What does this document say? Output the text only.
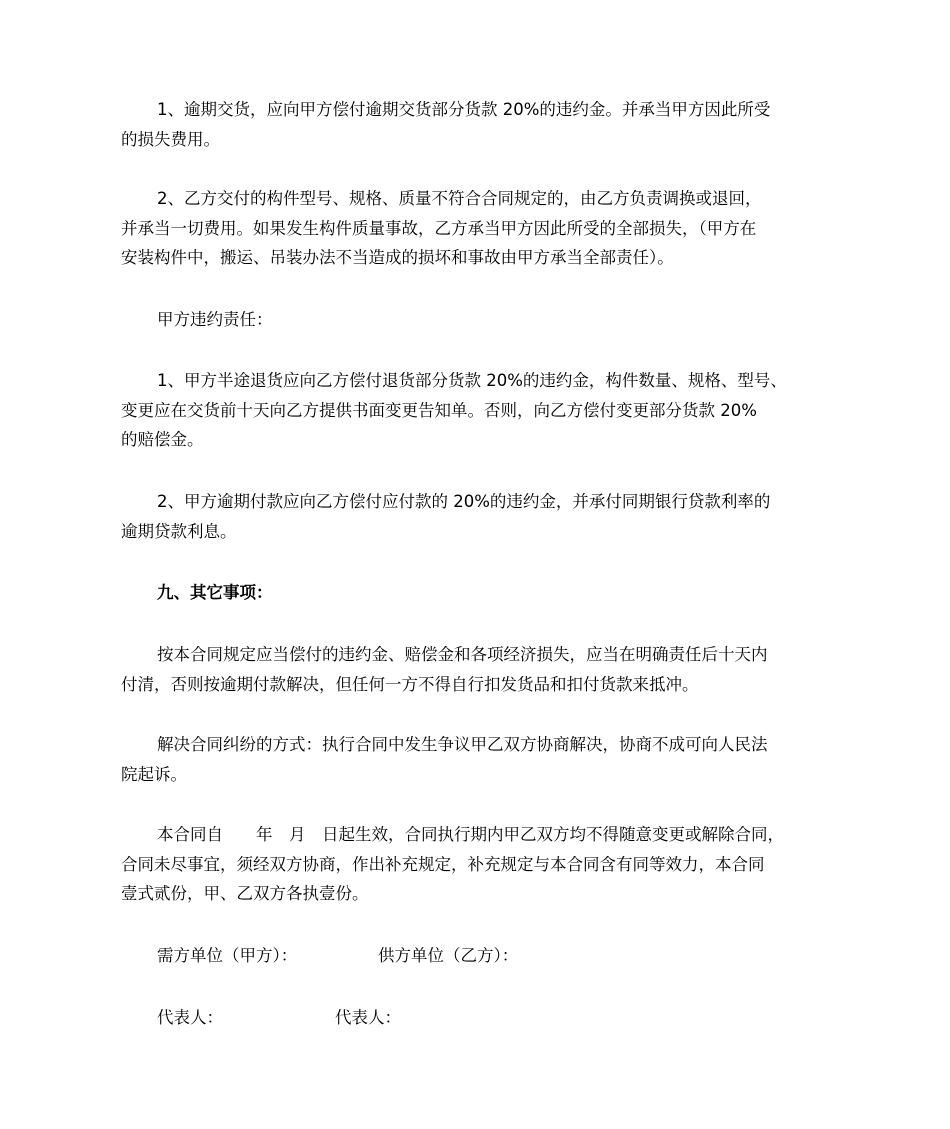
1、逾期交货，应向甲方偿付逾期交货部分货款 20%的违约金。并承当甲方因此所受
的损失费用。

2、乙方交付的构件型号、规格、质量不符合合同规定的，由乙方负责调换或退回，
并承当一切费用。如果发生构件质量事故，乙方承当甲方因此所受的全部损失，（甲方在
安装构件中，搬运、吊装办法不当造成的损坏和事故由甲方承当全部责任）。

甲方违约责任：

1、甲方半途退货应向乙方偿付退货部分货款 20%的违约金，构件数量、规格、型号、
变更应在交货前十天向乙方提供书面变更告知单。否则，向乙方偿付变更部分货款 20%
的赔偿金。

2、甲方逾期付款应向乙方偿付应付款的 20%的违约金，并承付同期银行贷款利率的
逾期贷款利息。

九、其它事项：

按本合同规定应当偿付的违约金、赔偿金和各项经济损失，应当在明确责任后十天内
付清，否则按逾期付款解决，但任何一方不得自行扣发货品和扣付货款来抵冲。

解决合同纠纷的方式：执行合同中发生争议甲乙双方协商解决，协商不成可向人民法
院起诉。

本合同自　　年　月　日起生效，合同执行期内甲乙双方均不得随意变更或解除合同，
合同未尽事宜，须经双方协商，作出补充规定，补充规定与本合同含有同等效力，本合同
壹式贰份，甲、乙双方各执壹份。

需方单位（甲方）：	供方单位（乙方）：
代表人：	代表人：
